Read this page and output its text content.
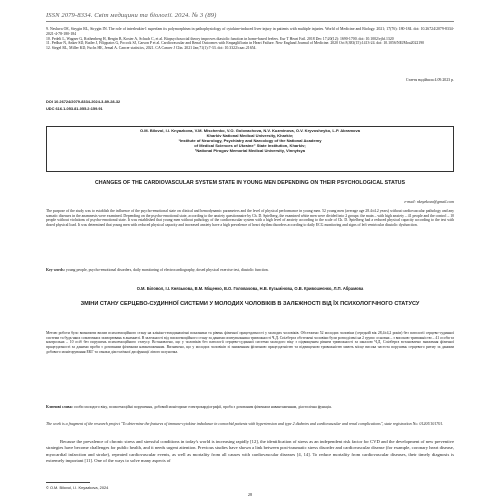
ISSN 2079-8334. Світ медицини та біології. 2024. № 3 (89)
9. Nesluva OE, Sirygin RL, Sirygin IN. The role of interleukin-1 superfam its polymorphism in pathophysiology of cytokine-induced liver injury in patients with multiple injuries. World of Medicine and Biology. 2021; 17(76): 180-184. doi: 10.26724/2079-8334-2021-4-78-180-184
10. Pedeli L, Wagner G, Rothenberg H, Bergin B, Koster A, Schach C, et al. Biopsychosocial theory improves diastolic function in home-based feelers. Eur T Heart Fail. 2018 Dec 17;20(12): 1690-1700. doi: 10.1002/ejhf.1320
11. Pedhar N, Anker SD, Butler J, Filippatos G, Pocock SJ, Carson P et al. Cardiovascular and Renal Outcomes with Empagliflozin in Heart Failure. New England Journal of Medicine. 2020 Oct 8;383(15):1413-24. doi: 10.1056/NEJMoa2022190
12. Siegel RL, Miller KD, Fuchs HE, Jemal A. Cancer statistics, 2021. CA Cancer J Clin. 2021 Jan;71(1):7-33. doi: 10.3322/caac.21654.
Стаття надійшла 4.09.2023 р.
DOI 10.26724/2079-8334-2024-3-89-28-32
UDC 616.1-053.81-055.2:159.91
O.M. Bilovol, I.I. Knyazkova, V.M. Mischenko, V.O. Golovachova, N.V. Kuzminova, O.V. Kryvosheyko, L.P. Abramova
Kharkiv National Medical University, Kharkiv;
¹Institute of Neurology, Psychiatry and Narcology of the National Academy
of Medical Sciences of Ukraine" State Institution, Kharkiv;
²National Pirogov Memorial Medical University, Vinnytsya
CHANGES OF THE CARDIOVASCULAR SYSTEM STATE IN YOUNG MEN DEPENDING ON THEIR PSYCHOLOGICAL STATUS
e-mail: nknyzkova@gmail.com
The purpose of the study was to establish the influence of the psycho-emotional state on clinical and hemodynamic parameters and the level of physical performance in young men. 52 young men (average age 28.4±4.2 years) without cardiovascular pathology and any somatic diseases in the anamnesis were examined. Depending on the psycho-emotional state, according to the anxiety questionnaire by Ch. D. Spielberg, the examined white men were divided into 2 groups: the main – with high anxiety – 41 people and the control – 10 people without violations of psycho-emotional state. It was established that young men without pathology of the cardiovascular system with a high level of anxiety according to the scale of Ch. D. Spielberg had a reduced physical capacity according to the test with dosed physical load. It was determined that young men with reduced physical capacity and increased anxiety have a high prevalence of heart rhythm disorders according to daily ECG monitoring and signs of left ventricular diastolic dysfunction.
Key words: young people, psycho-emotional disorders, daily monitoring of electrocardiography, dosed physical exercise test, diastolic function.
О.М. Біловол, І.І. Князькова, В.М. Міщенко, В.О. Головачова, Н.В. Кузьміновa, О.В. Кривошеєнко, Л.П. Абрамова
ЗМІНИ СТАНУ СЕРЦЕВО-СУДИННОЇ СИСТЕМИ У МОЛОДИХ ЧОЛОВІКІВ В ЗАЛЕЖНОСТІ ВІД ЇХ ПСИХОЛОГІЧНОГО СТАТУСУ
Метою роботи було визначити вплив психоемоційного стану на клініко-гемодинамічні показники та рівень фізичної працездатності у молодих чоловіків. Обстежено 52 молодих чоловіки (середній вік 28,4±4,2 років) без патології серцево-судинної системи та будь-яких соматичних захворювань в анамнезі. В залежності від психоемоційного стану за даними опитувальника тривожності Ч.Д. Спілберга обстежені чоловіки були розподілені на 2 групи: основна – з високою тривожністю – 41 особи та контрольна – 10 осіб без порушень психоемоційного статусу. Встановлено, що у чоловіків без патології серцево-судинної системи молодого віку з підвищеним рівнем тривожності за шкалою Ч.Д. Спілберга встановлено зниження фізичної працездатності за даними проби з дозованим фізичним навантаженням. Визначено, що у молодих чоловіків зі зниженням фізичною працездатністю та підвищеною тривожністю мають місце висока частота порушень серцевого ритму за даними добового моніторування ЕКГ та ознаки діастолічної дисфункції лівого шлуночка.
Ключові слова: особи молодого віку, психоемоційні порушення, добовий моніторинг електрокардіографії, проба з дозованим фізичним навантаженням, діастолічна функція.
The work is a fragment of the research project "To determine the features of immune-cytokine imbalance in comorbid patients with hypertension and type 2 diabetes and cardiovascular and renal complications", state registration No. 0120U101701.
Because the prevalence of chronic stress and stressful conditions in today's world is increasing rapidly [12], the identification of stress as an independent risk factor for CVD and the development of new preventive strategies have become challenges for public health, and it needs urgent attention. Previous studies have shown a link between post-traumatic stress disorder and cardiovascular disease (for example, coronary heart disease, myocardial infarction and stroke), repeated cardiovascular events, as well as mortality from all causes with cardiovascular diseases [4, 14]. To reduce mortality from cardiovascular diseases, their timely diagnosis is extremely important [11]. One of the ways to solve many aspects of
© O.M. Bilovol, I.I. Knyazkova, 2024
28
